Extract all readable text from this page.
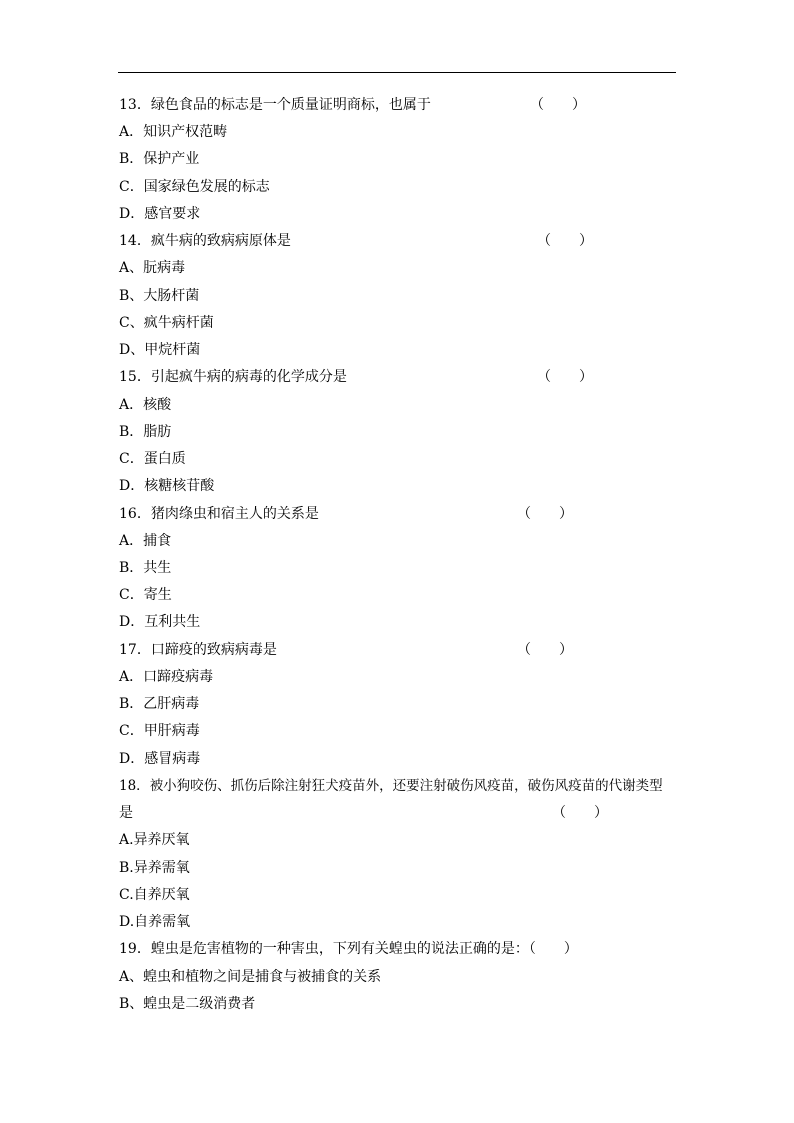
13．绿色食品的标志是一个质量证明商标，也属于	（　　）
A．知识产权范畴
B．保护产业
C．国家绿色发展的标志
D．感官要求
14．疯牛病的致病病原体是	（　　）
A、朊病毒
B、大肠杆菌
C、疯牛病杆菌
D、甲烷杆菌
15．引起疯牛病的病毒的化学成分是	（　　）
A．核酸
B．脂肪
C．蛋白质
D．核糖核苷酸
16．猪肉绦虫和宿主人的关系是	（　　）
A．捕食
B．共生
C．寄生
D．互利共生
17．口蹄疫的致病病毒是	（　　）
A．口蹄疫病毒
B．乙肝病毒
C．甲肝病毒
D．感冒病毒
18．被小狗咬伤、抓伤后除注射狂犬疫苗外，还要注射破伤风疫苗，破伤风疫苗的代谢类型
是	（　　）
A.异养厌氧
B.异养需氧
C.自养厌氧
D.自养需氧
19．蝗虫是危害植物的一种害虫，下列有关蝗虫的说法正确的是：（　　）
A、蝗虫和植物之间是捕食与被捕食的关系
B、蝗虫是二级消费者
